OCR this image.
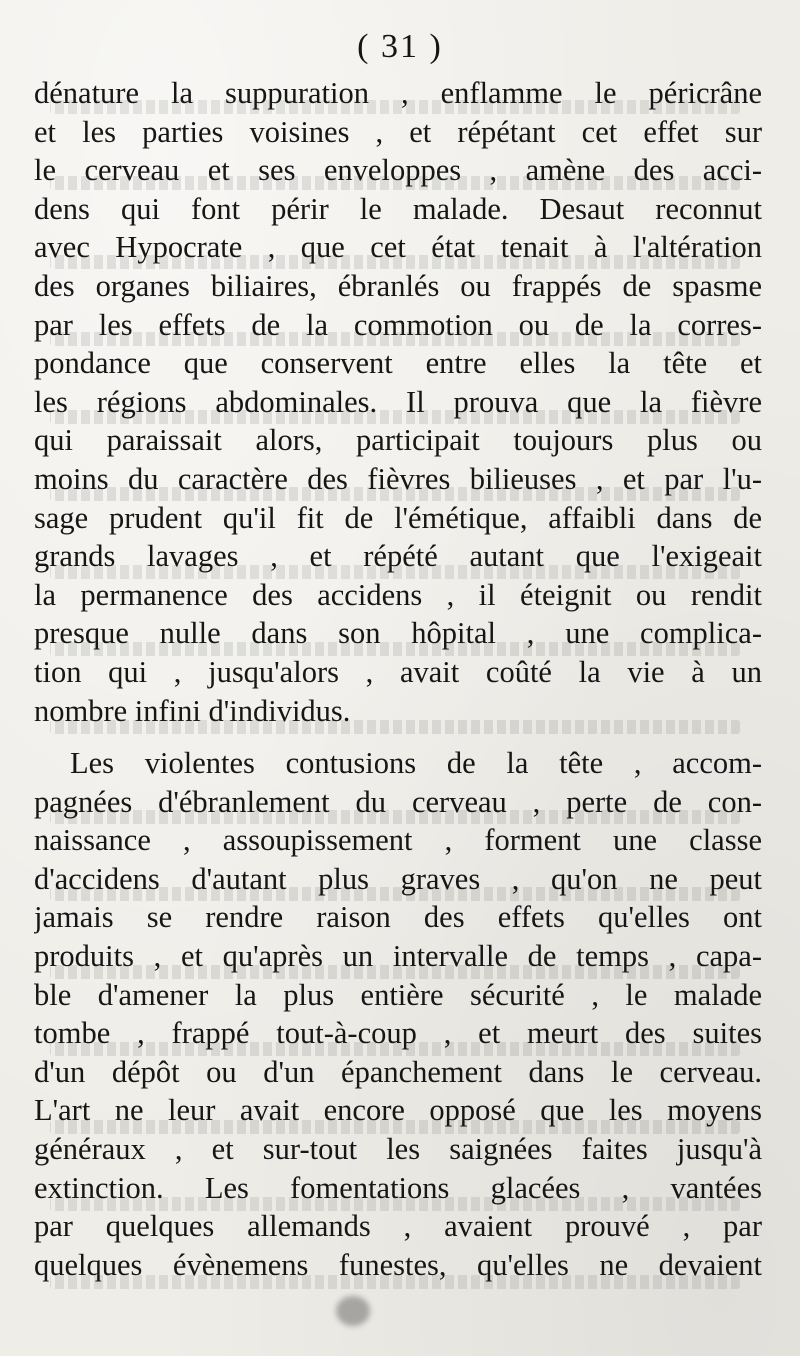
( 31 )
dénature la suppuration , enflamme le péricrâne
et les parties voisines , et répétant cet effet sur
le cerveau et ses enveloppes , amène des acci-
dens qui font périr le malade. Desaut reconnut
avec Hypocrate , que cet état tenait à l'altération
des organes biliaires, ébranlés ou frappés de spasme
par les effets de la commotion ou de la corres-
pondance que conservent entre elles la tête et
les régions abdominales. Il prouva que la fièvre
qui paraissait alors, participait toujours plus ou
moins du caractère des fièvres bilieuses , et par l'u-
sage prudent qu'il fit de l'émétique, affaibli dans de
grands lavages , et répété autant que l'exigeait
la permanence des accidens , il éteignit ou rendit
presque nulle dans son hôpital , une complica-
tion qui , jusqu'alors , avait coûté la vie à un
nombre infini d'individus.
Les violentes contusions de la tête , accom-
pagnées d'ébranlement du cerveau , perte de con-
naissance , assoupissement , forment une classe
d'accidens d'autant plus graves , qu'on ne peut
jamais se rendre raison des effets qu'elles ont
produits , et qu'après un intervalle de temps , capa-
ble d'amener la plus entière sécurité , le malade
tombe , frappé tout-à-coup , et meurt des suites
d'un dépôt ou d'un épanchement dans le cerveau.
L'art ne leur avait encore opposé que les moyens
généraux , et sur-tout les saignées faites jusqu'à
extinction. Les fomentations glacées , vantées
par quelques allemands , avaient prouvé , par
quelques évènemens funestes, qu'elles ne devaient
